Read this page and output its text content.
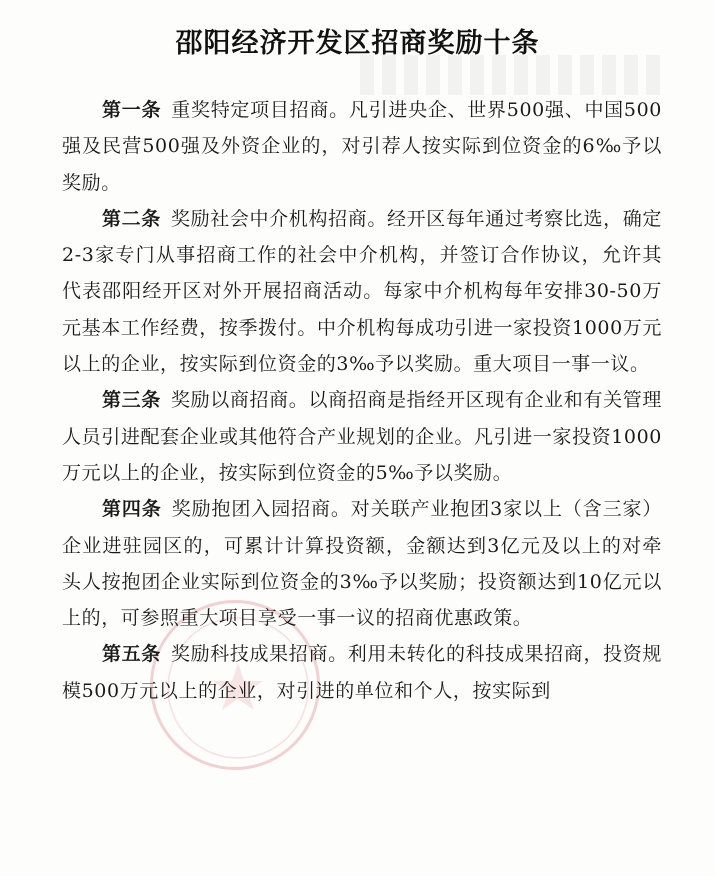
邵阳经济开发区招商奖励十条

第一条 重奖特定项目招商。凡引进央企、世界500强、中国500强及民营500强及外资企业的，对引荐人按实际到位资金的6‰予以奖励。

第二条 奖励社会中介机构招商。经开区每年通过考察比选，确定2-3家专门从事招商工作的社会中介机构，并签订合作协议，允许其代表邵阳经开区对外开展招商活动。每家中介机构每年安排30-50万元基本工作经费，按季拨付。中介机构每成功引进一家投资1000万元以上的企业，按实际到位资金的3‰予以奖励。重大项目一事一议。

第三条 奖励以商招商。以商招商是指经开区现有企业和有关管理人员引进配套企业或其他符合产业规划的企业。凡引进一家投资1000万元以上的企业，按实际到位资金的5‰予以奖励。

第四条 奖励抱团入园招商。对关联产业抱团3家以上（含三家）企业进驻园区的，可累计计算投资额，金额达到3亿元及以上的对牵头人按抱团企业实际到位资金的3‰予以奖励；投资额达到10亿元以上的，可参照重大项目享受一事一议的招商优惠政策。

第五条 奖励科技成果招商。利用未转化的科技成果招商，投资规模500万元以上的企业，对引进的单位和个人，按实际到
